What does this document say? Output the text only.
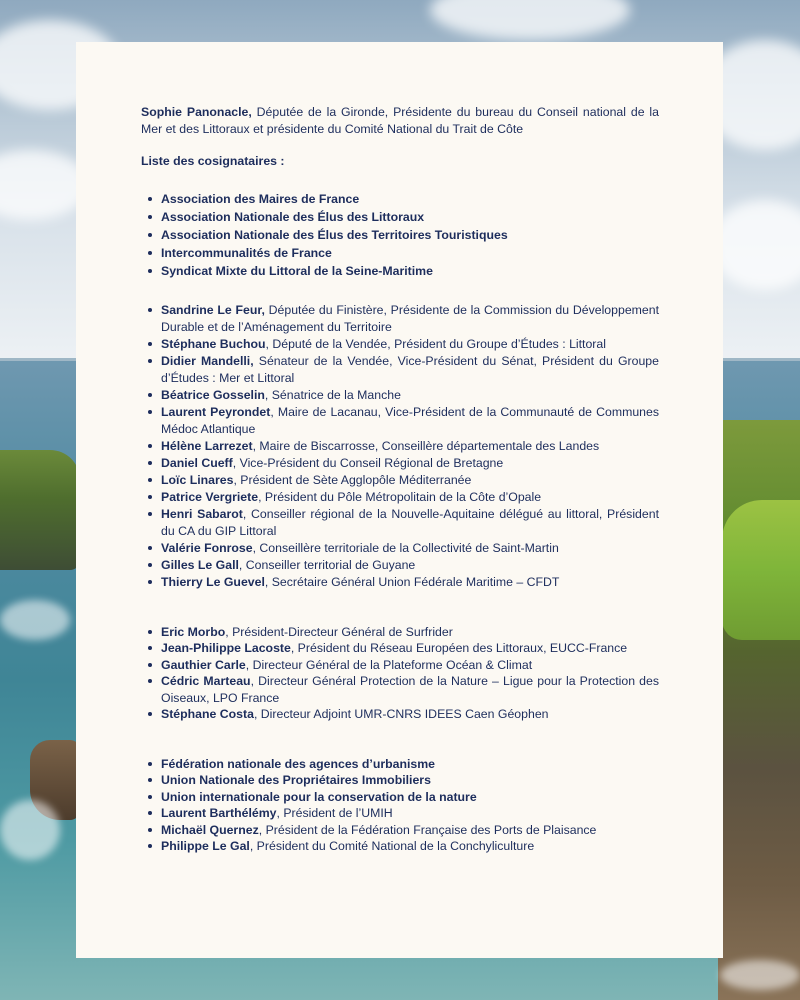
Sophie Panonacle, Députée de la Gironde, Présidente du bureau du Conseil national de la Mer et des Littoraux et présidente du Comité National du Trait de Côte

Liste des cosignataires :

Association des Maires de France
Association Nationale des Élus des Littoraux
Association Nationale des Élus des Territoires Touristiques
Intercommunalités de France
Syndicat Mixte du Littoral de la Seine-Maritime
Sandrine Le Feur, Députée du Finistère, Présidente de la Commission du Développement Durable et de l’Aménagement du Territoire
Stéphane Buchou, Député de la Vendée, Président du Groupe d’Études : Littoral
Didier Mandelli, Sénateur de la Vendée, Vice-Président du Sénat, Président du Groupe d’Études : Mer et Littoral
Béatrice Gosselin, Sénatrice de la Manche
Laurent Peyrondet, Maire de Lacanau, Vice-Président de la Communauté de Communes Médoc Atlantique
Hélène Larrezet, Maire de Biscarrosse, Conseillère départementale des Landes
Daniel Cueff, Vice-Président du Conseil Régional de Bretagne
Loïc Linares, Président de Sète Agglopôle Méditerranée
Patrice Vergriete, Président du Pôle Métropolitain de la Côte d’Opale
Henri Sabarot, Conseiller régional de la Nouvelle-Aquitaine délégué au littoral, Président du CA du GIP Littoral
Valérie Fonrose, Conseillère territoriale de la Collectivité de Saint-Martin
Gilles Le Gall, Conseiller territorial de Guyane
Thierry Le Guevel, Secrétaire Général Union Fédérale Maritime – CFDT
Eric Morbo, Président-Directeur Général de Surfrider
Jean-Philippe Lacoste, Président du Réseau Européen des Littoraux, EUCC-France
Gauthier Carle, Directeur Général de la Plateforme Océan & Climat
Cédric Marteau, Directeur Général Protection de la Nature – Ligue pour la Protection des Oiseaux, LPO France
Stéphane Costa, Directeur Adjoint UMR-CNRS IDEES Caen Géophen
Fédération nationale des agences d’urbanisme
Union Nationale des Propriétaires Immobiliers
Union internationale pour la conservation de la nature
Laurent Barthélémy, Président de l’UMIH
Michaël Quernez, Président de la Fédération Française des Ports de Plaisance
Philippe Le Gal, Président du Comité National de la Conchyliculture
